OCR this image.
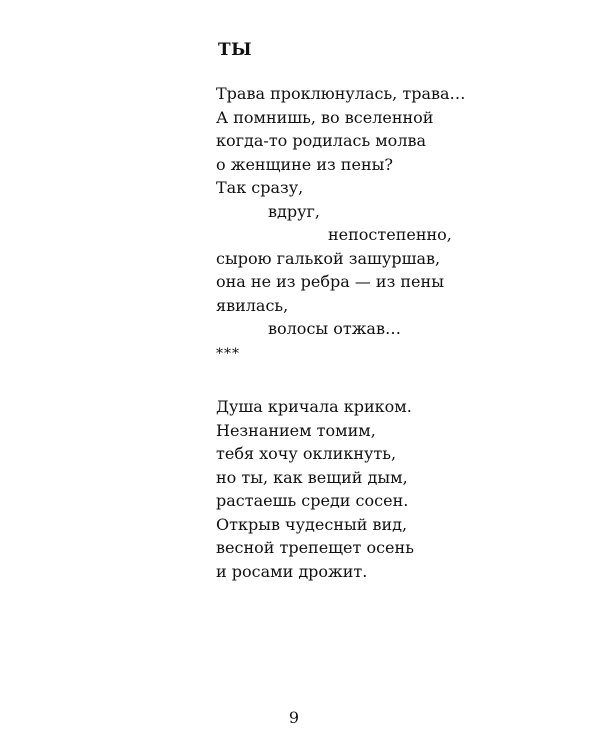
ТЫ
Трава проклюнулась, трава…
А помнишь, во вселенной
когда-то родилась молва
о женщине из пены?
Так сразу,
вдруг,
непостепенно,
сырою галькой зашуршав,
она не из ребра — из пены
явилась,
волосы отжав…

***

Душа кричала криком.
Незнанием томим,
тебя хочу окликнуть,
но ты, как вещий дым,
растаешь среди сосен.
Открыв чудесный вид,
весной трепещет осень
и росами дрожит.

9
